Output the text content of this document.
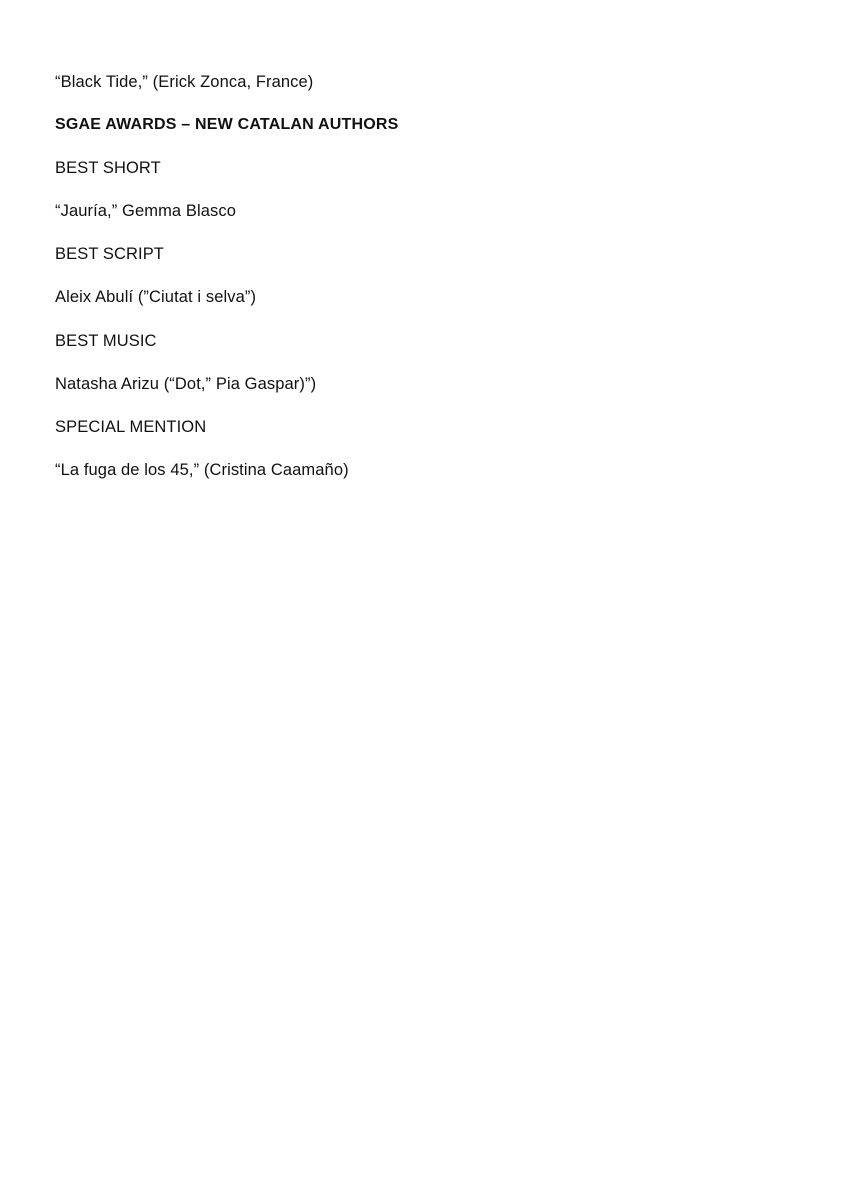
“Black Tide,” (Erick Zonca, France)

SGAE AWARDS – NEW CATALAN AUTHORS

BEST SHORT

“Jauría,” Gemma Blasco

BEST SCRIPT

Aleix Abulí (”Ciutat i selva”)

BEST MUSIC

Natasha Arizu (“Dot,” Pia Gaspar)”)

SPECIAL MENTION

“La fuga de los 45,” (Cristina Caamaño)
